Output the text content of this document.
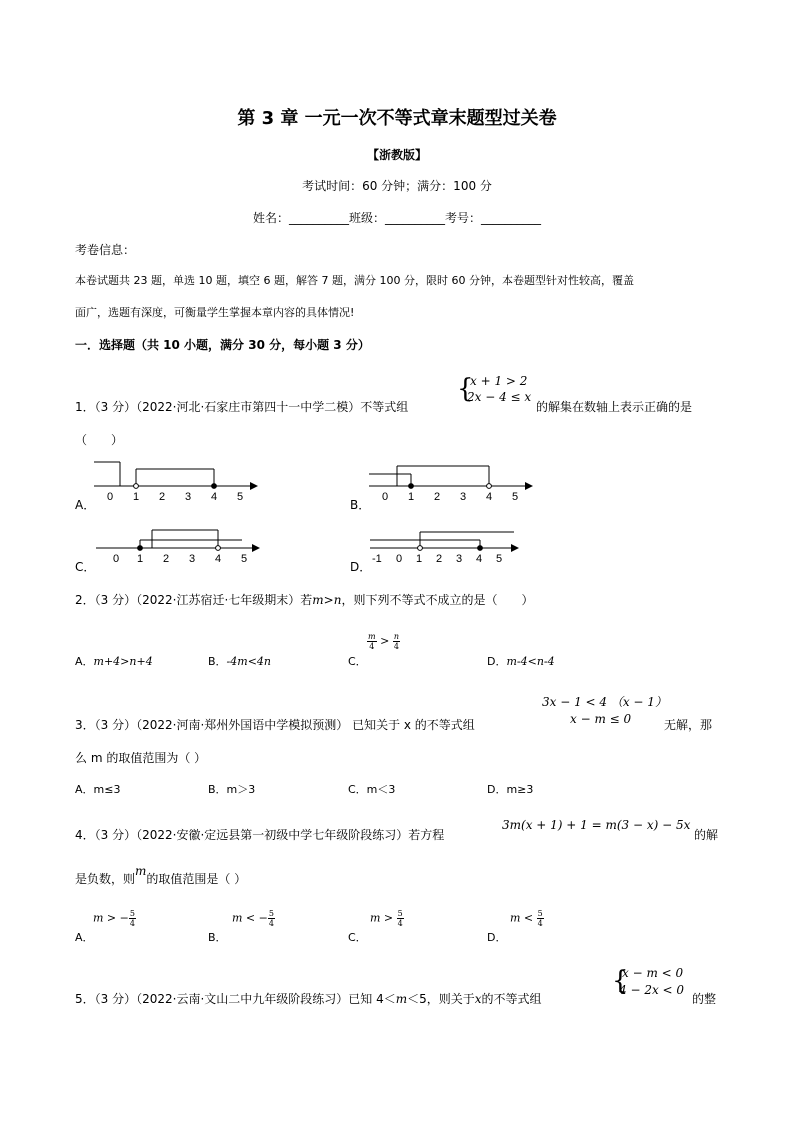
第 3 章 一元一次不等式章末题型过关卷
【浙教版】
考试时间：60 分钟；满分：100 分
姓名：__________班级：__________考号：__________
考卷信息：
本卷试题共 23 题，单选 10 题，填空 6 题，解答 7 题，满分 100 分，限时 60 分钟，本卷题型针对性较高，覆盖
面广，选题有深度，可衡量学生掌握本章内容的具体情况!
一．选择题（共 10 小题，满分 30 分，每小题 3 分）
1．（3 分）（2022·河北·石家庄市第四十一中学二模）不等式组
{
x + 1 > 2
2x − 4 ≤ x
的解集在数轴上表示正确的是
（　　）
A．
0 1 2 3 4 5
B．
0 1 2 3 4 5
C．
0 1 2 3 4 5
D．
-1 0 1 2 3 4 5
2．（3 分）（2022·江苏宿迁·七年级期末）若m>n，则下列不等式不成立的是（　　）
A．m+4>n+4	B．-4m<4n	C．
$\frac{m}{4} > \frac{n}{4}$
D．m-4<n-4
3．（3 分）（2022·河南·郑州外国语中学模拟预测） 已知关于 x 的不等式组
3x − 1 < 4 （x − 1）
x − m ≤ 0	无解，那
么 m 的取值范围为（ ）
A．m≤3	B．m＞3	C．m＜3	D．m≥3
4．（3 分）（2022·安徽·定远县第一初级中学七年级阶段练习）若方程
3m(x + 1) + 1 = m(3 − x) − 5x
的解
是负数，则m的取值范围是（ ）
A．
m > − $\frac{5}{4}$
B．
m < − $\frac{5}{4}$
C．
$m > \frac{5}{4}$
D．
$m < \frac{5}{4}$
5．（3 分）（2022·云南·文山二中九年级阶段练习）已知 4＜m＜5，则关于x的不等式组
{
x − m < 0
4 − 2x < 0
的整
